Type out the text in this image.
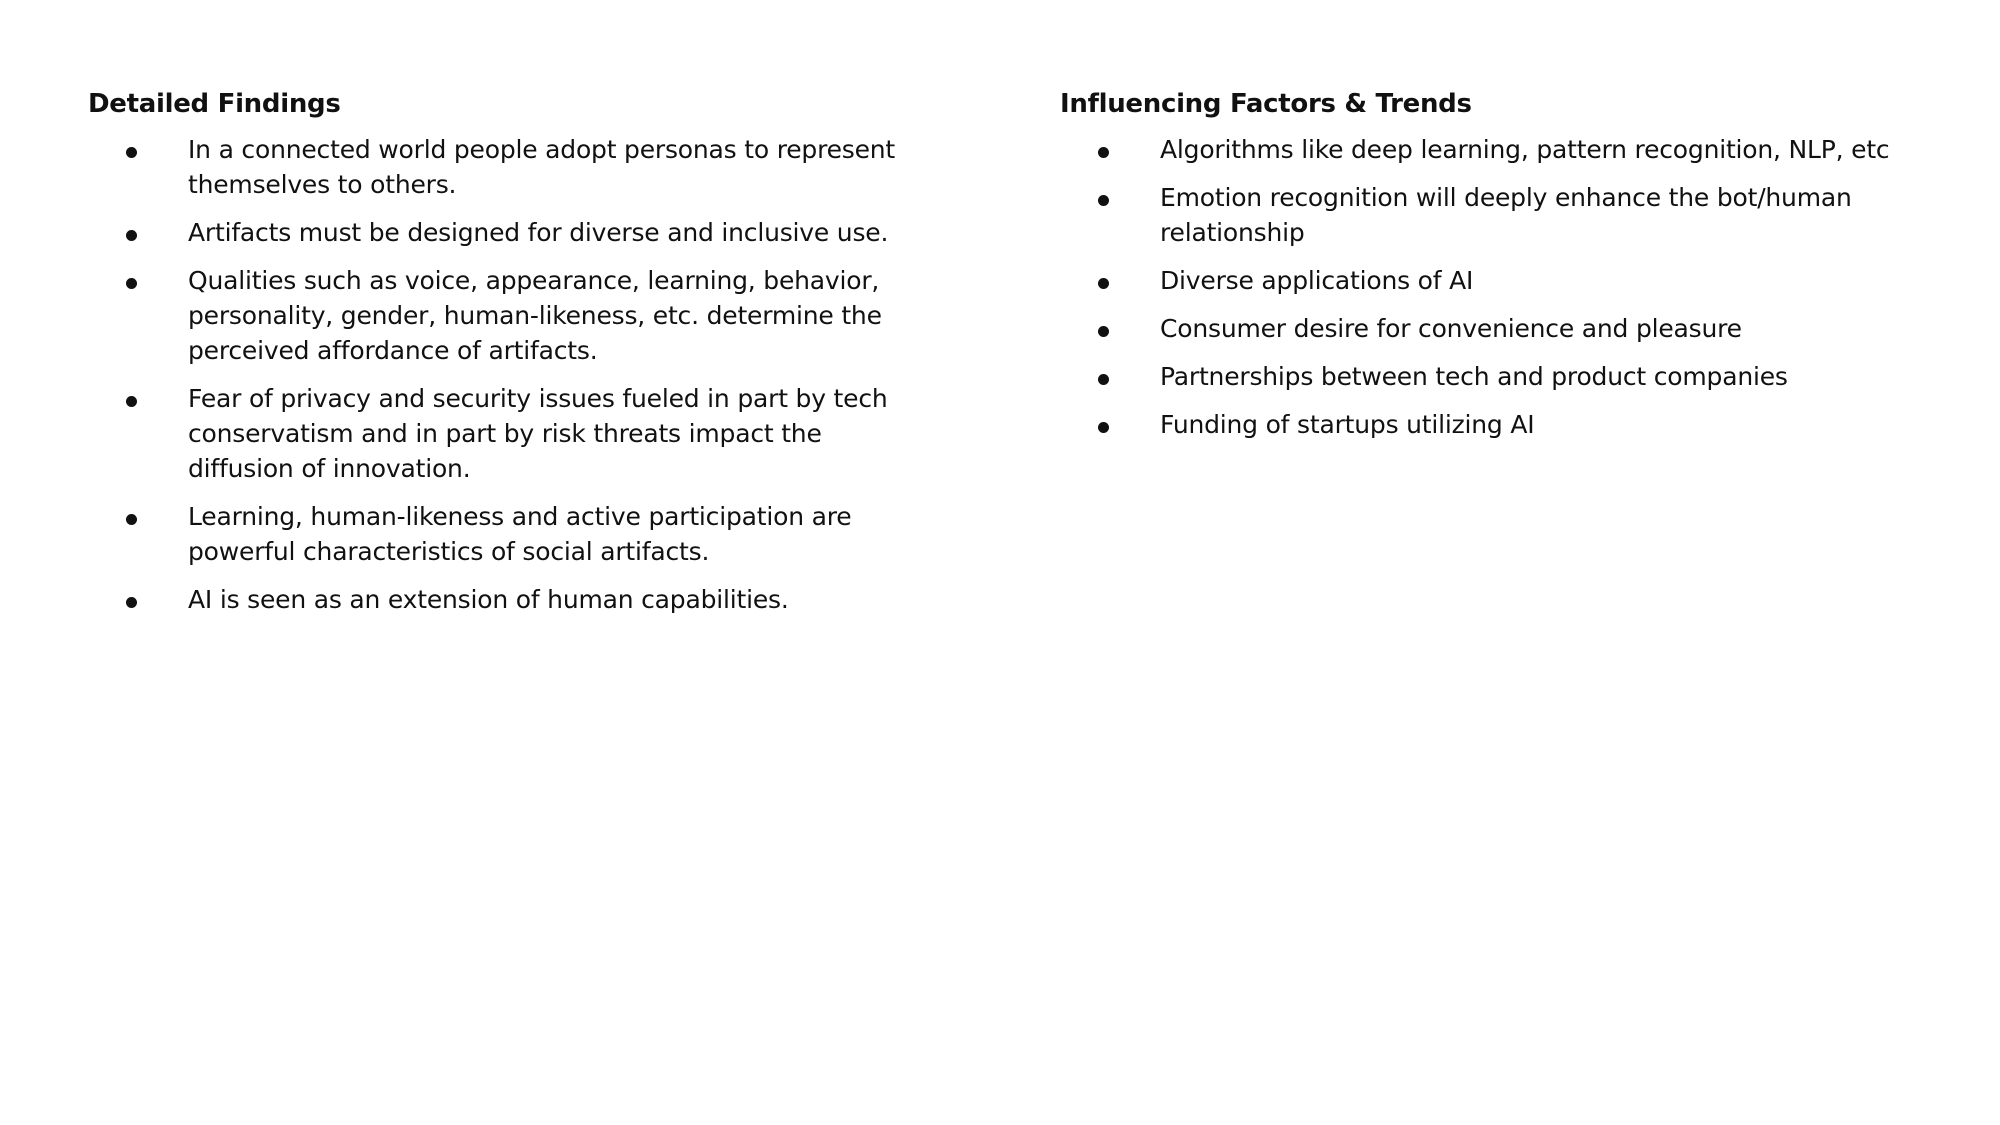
Detailed Findings
In a connected world people adopt personas to represent themselves to others.
Artifacts must be designed for diverse and inclusive use.
Qualities such as voice, appearance, learning, behavior, personality, gender, human-likeness, etc. determine the perceived affordance of artifacts.
Fear of privacy and security issues fueled in part by tech conservatism and in part by risk threats impact the diffusion of innovation.
Learning, human-likeness and active participation are powerful characteristics of social artifacts.
AI is seen as an extension of human capabilities.
Influencing Factors & Trends
Algorithms like deep learning, pattern recognition, NLP, etc
Emotion recognition will deeply enhance the bot/human relationship
Diverse applications of AI
Consumer desire for convenience and pleasure
Partnerships between tech and product companies
Funding of startups utilizing AI
